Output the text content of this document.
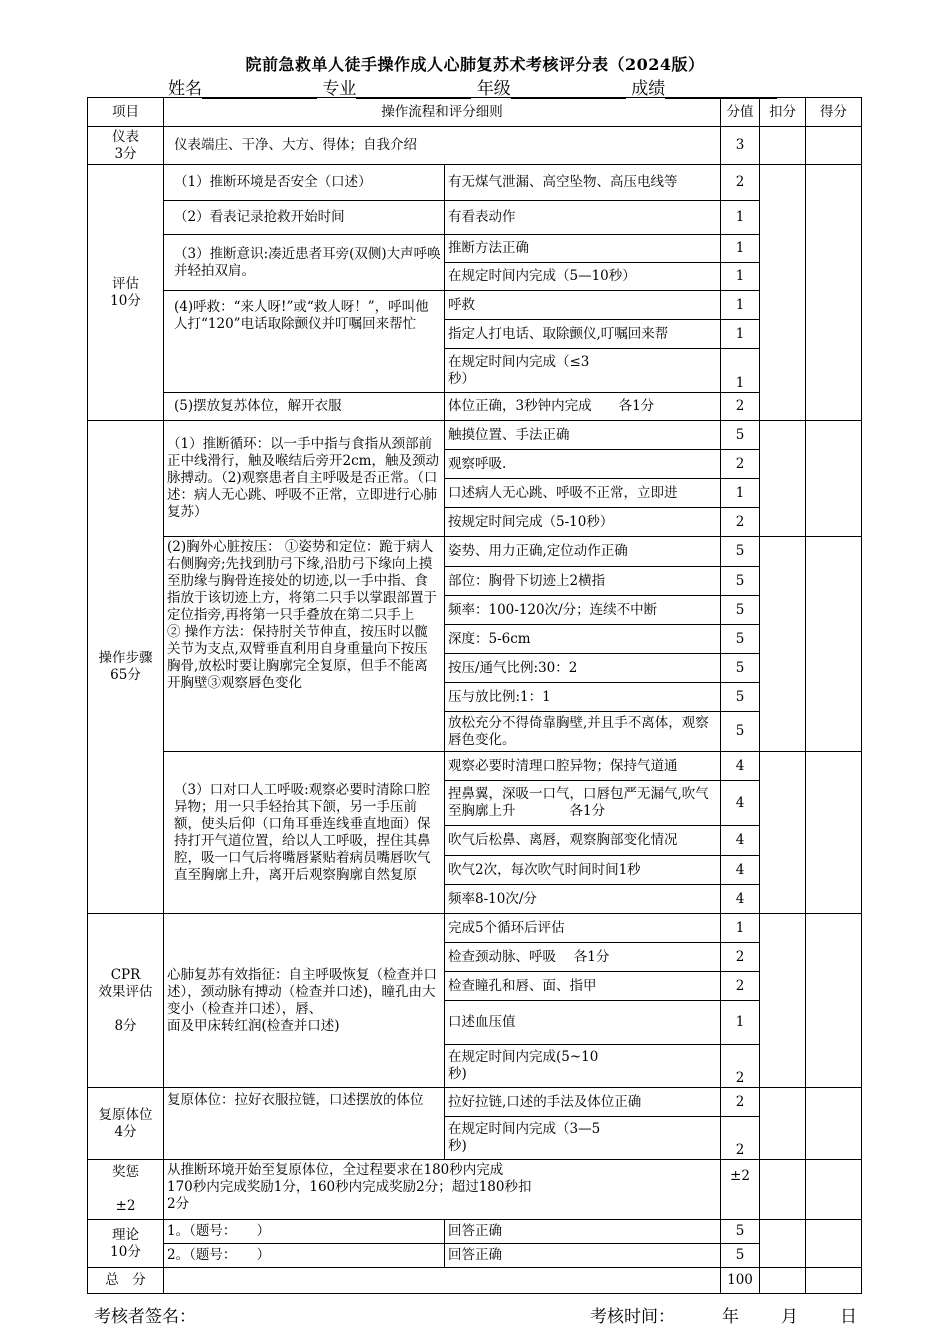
院前急救单人徒手操作成人心肺复苏术考核评分表（2024版）
姓名	专业	年级	成绩
项目	操作流程和评分细则		分值	扣分	得分
仪表
3分	仪表端庄、干净、大方、得体；自我介绍		3		
评估
10分	（1）推断环境是否安全（口述）	有无煤气泄漏、高空坠物、高压电线等	2		
	（2）看表记录抢救开始时间	有看表动作	1		
	（3）推断意识:凑近患者耳旁(双侧)大声呼唤并轻拍双肩。	推断方法正确	1		
		在规定时间内完成（5—10秒）	1		
	(4)呼救：“来人呀!”或“救人呀！”，呼叫他人打“120”电话取除颤仪并叮嘱回来帮忙	呼救	1		
		指定人打电话、取除颤仪,叮嘱回来帮	1		
		在规定时间内完成（≤3
秒）	1		
	(5)摆放复苏体位，解开衣服	体位正确，3秒钟内完成　　各1分	2		
操作步骤
65分	（1）推断循环：以一手中指与食指从颈部前正中线滑行，触及喉结后旁开2cm，触及颈动脉搏动。（2)观察患者自主呼吸是否正常。（口述：病人无心跳、呼吸不正常，立即进行心肺复苏）	触摸位置、手法正确	5		
		观察呼吸.	2		
		口述病人无心跳、呼吸不正常，立即进	1		
		按规定时间完成（5-10秒）	2		
	(2)胸外心脏按压： ①姿势和定位：跪于病人右侧胸旁;先找到肋弓下缘,沿肋弓下缘向上摸至肋缘与胸骨连接处的切迹,以一手中指、食指放于该切迹上方，将第二只手以掌跟部置于定位指旁,再将第一只手叠放在第二只手上
② 操作方法：保持肘关节伸直，按压时以髋关节为支点,双臂垂直利用自身重量向下按压胸骨,放松时要让胸廓完全复原，但手不能离开胸壁③观察唇色变化	姿势、用力正确,定位动作正确	5		
		部位：胸骨下切迹上2横指	5		
		频率：100-120次/分；连续不中断	5		
		深度：5-6cm	5		
		按压/通气比例:30：2	5		
		压与放比例:1：1	5		
		放松充分不得倚靠胸壁,并且手不离体，观察唇色变化。	5		
	（3）口对口人工呼吸:观察必要时清除口腔异物；用一只手轻抬其下颌，另一手压前额，使头后仰（口角耳垂连线垂直地面）保持打开气道位置，给以人工呼吸，捏住其鼻腔，吸一口气后将嘴唇紧贴着病员嘴唇吹气直至胸廓上升，离开后观察胸廓自然复原	观察必要时清理口腔异物；保持气道通	4		
		捏鼻翼，深吸一口气，口唇包严无漏气,吹气至胸廓上升　　　　各1分	4		
		吹气后松鼻、离唇，观察胸部变化情况	4		
		吹气2次，每次吹气时间时间1秒	4		
		频率8-10次/分	4		
CPR
效果评估

8分	心肺复苏有效指征：自主呼吸恢复（检查并口述），颈动脉有搏动（检查并口述)，瞳孔由大变小（检查并口述），唇、
面及甲床转红润(检查并口述)	完成5个循环后评估	1		
		检查颈动脉、呼吸　 各1分	2		
		检查瞳孔和唇、面、指甲	2		
		口述血压值	1		
		在规定时间内完成(5~10
秒)	2		
复原体位
4分	复原体位：拉好衣服拉链，口述摆放的体位	拉好拉链,口述的手法及体位正确	2		
		在规定时间内完成（3—5
秒)	2		
奖惩

±2	从推断环境开始至复原体位，全过程要求在180秒内完成
170秒内完成奖励1分，160秒内完成奖励2分；超过180秒扣
2分		±2		
理论
10分	1。（题号：　　）	回答正确	5		
	2。（题号：　　）	回答正确	5		
总　分			100		
考核者签名：	考核时间：	年 月 日
